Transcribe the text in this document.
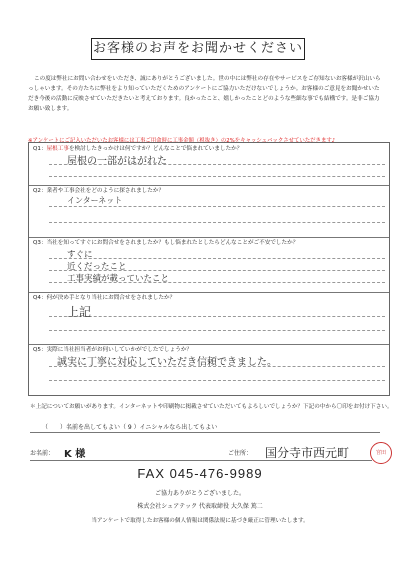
お客様のお声をお聞かせください

この度は弊社にお問い合わせをいただき、誠にありがとうございました。世の中には弊社の存在やサービスをご存知ないお客様が沢山いらっしゃいます。その方たちに弊社をより知っていただくためのアンケートにご協力いただけないでしょうか。お客様のご意見をお聞かせいただき今後の活動に反映させていただきたいと考えております。良かったこと、嬉しかったことどのような些細な事でも結構です。是非ご協力お願い致します。

※アンケートにご記入いただいたお客様には工事ご用命時に工事金額（税抜き）の2%をキャッシュバックさせていただきます♪
Q1：屋根工事を検討したきっかけは何ですか？どんなことで悩まれていましたか？
屋根の一部がはがれた
Q2：業者や工事会社をどのように探されましたか？
インターネット
Q3：当社を知ってすぐにお問合せをされましたか？もし悩まれたとしたらどんなことがご不安でしたか？
すぐに
近くだったこと
工事実績が載っていたこと
Q4：何が決め手となり当社にお問合せをされましたか？
上記
Q5：実際に当社担当者がお伺いしていかがでしたでしょうか？
誠実に丁寧に対応していただき信頼できました。
＊上記についてお願いがあります。インターネットや印刷物に掲載させていただいてもよろしいでしょうか？下記の中から〇印をお付け下さい。
（　　）名前を出してもよい （ 9 ）イニシャルなら出してもよい
お名前： K 様	ご住所： 国分寺市西元町	宮田
FAX 045-476-9989
ご協力ありがとうございました。
株式会社シェアテック 代表取締役 大久保 篤二
当アンケートで取得したお客様の個人情報は関係法規に基づき厳正に管理いたします。
